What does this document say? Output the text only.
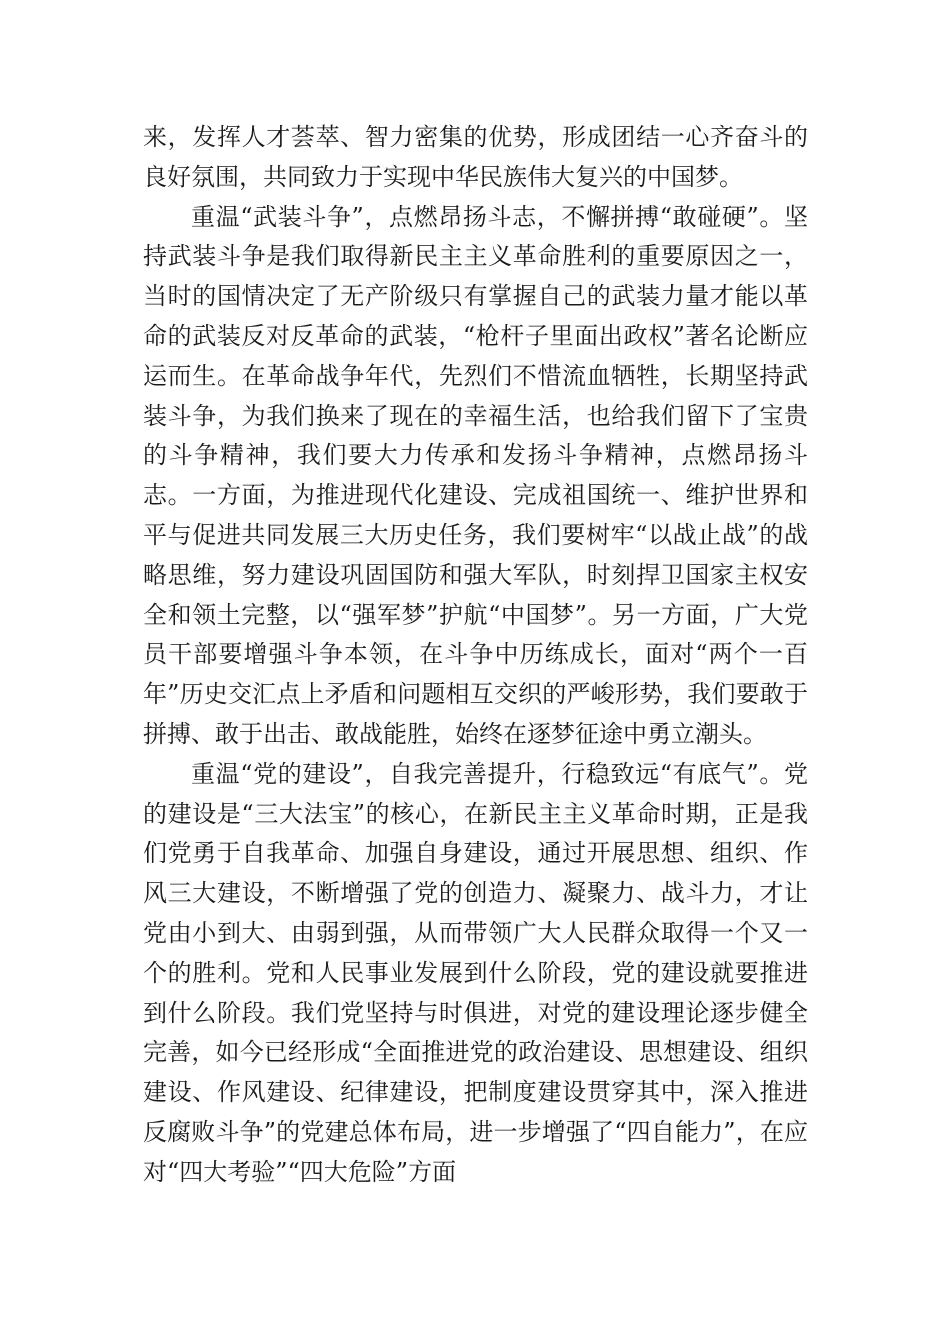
来，发挥人才荟萃、智力密集的优势，形成团结一心齐奋斗的良好氛围，共同致力于实现中华民族伟大复兴的中国梦。

重温“武装斗争”，点燃昂扬斗志，不懈拼搏“敢碰硬”。坚持武装斗争是我们取得新民主主义革命胜利的重要原因之一，当时的国情决定了无产阶级只有掌握自己的武装力量才能以革命的武装反对反革命的武装，“枪杆子里面出政权”著名论断应运而生。在革命战争年代，先烈们不惜流血牺牲，长期坚持武装斗争，为我们换来了现在的幸福生活，也给我们留下了宝贵的斗争精神，我们要大力传承和发扬斗争精神，点燃昂扬斗志。一方面，为推进现代化建设、完成祖国统一、维护世界和平与促进共同发展三大历史任务，我们要树牢“以战止战”的战略思维，努力建设巩固国防和强大军队，时刻捍卫国家主权安全和领土完整，以“强军梦”护航“中国梦”。另一方面，广大党员干部要增强斗争本领，在斗争中历练成长，面对“两个一百年”历史交汇点上矛盾和问题相互交织的严峻形势，我们要敢于拼搏、敢于出击、敢战能胜，始终在逐梦征途中勇立潮头。

重温“党的建设”，自我完善提升，行稳致远“有底气”。党的建设是“三大法宝”的核心，在新民主主义革命时期，正是我们党勇于自我革命、加强自身建设，通过开展思想、组织、作风三大建设，不断增强了党的创造力、凝聚力、战斗力，才让党由小到大、由弱到强，从而带领广大人民群众取得一个又一个的胜利。党和人民事业发展到什么阶段，党的建设就要推进到什么阶段。我们党坚持与时俱进，对党的建设理论逐步健全完善，如今已经形成“全面推进党的政治建设、思想建设、组织建设、作风建设、纪律建设，把制度建设贯穿其中，深入推进反腐败斗争”的党建总体布局，进一步增强了“四自能力”，在应对“四大考验”“四大危险”方面
